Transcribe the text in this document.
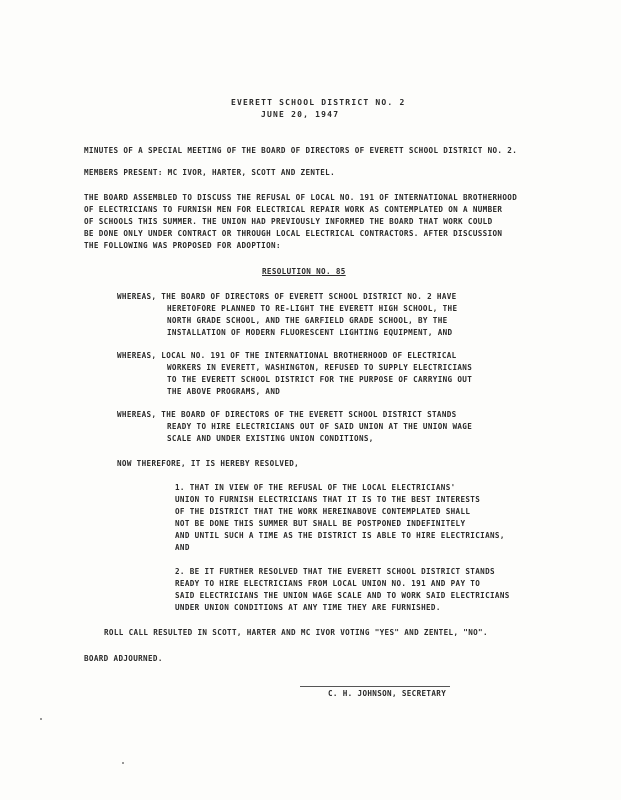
EVERETT SCHOOL DISTRICT NO. 2
JUNE 20, 1947
MINUTES OF A SPECIAL MEETING OF THE BOARD OF DIRECTORS OF EVERETT SCHOOL DISTRICT NO. 2.
MEMBERS PRESENT: MC IVOR, HARTER, SCOTT AND ZENTEL.
THE BOARD ASSEMBLED TO DISCUSS THE REFUSAL OF LOCAL NO. 191 OF INTERNATIONAL BROTHERHOOD
OF ELECTRICIANS TO FURNISH MEN FOR ELECTRICAL REPAIR WORK AS CONTEMPLATED ON A NUMBER
OF SCHOOLS THIS SUMMER. THE UNION HAD PREVIOUSLY INFORMED THE BOARD THAT WORK COULD
BE DONE ONLY UNDER CONTRACT OR THROUGH LOCAL ELECTRICAL CONTRACTORS. AFTER DISCUSSION
THE FOLLOWING WAS PROPOSED FOR ADOPTION:
RESOLUTION NO. 85
WHEREAS, THE BOARD OF DIRECTORS OF EVERETT SCHOOL DISTRICT NO. 2 HAVE
HERETOFORE PLANNED TO RE-LIGHT THE EVERETT HIGH SCHOOL, THE
NORTH GRADE SCHOOL, AND THE GARFIELD GRADE SCHOOL, BY THE
INSTALLATION OF MODERN FLUORESCENT LIGHTING EQUIPMENT, AND
WHEREAS, LOCAL NO. 191 OF THE INTERNATIONAL BROTHERHOOD OF ELECTRICAL
WORKERS IN EVERETT, WASHINGTON, REFUSED TO SUPPLY ELECTRICIANS
TO THE EVERETT SCHOOL DISTRICT FOR THE PURPOSE OF CARRYING OUT
THE ABOVE PROGRAMS, AND
WHEREAS, THE BOARD OF DIRECTORS OF THE EVERETT SCHOOL DISTRICT STANDS
READY TO HIRE ELECTRICIANS OUT OF SAID UNION AT THE UNION WAGE
SCALE AND UNDER EXISTING UNION CONDITIONS,
NOW THEREFORE, IT IS HEREBY RESOLVED,
1. THAT IN VIEW OF THE REFUSAL OF THE LOCAL ELECTRICIANS'
UNION TO FURNISH ELECTRICIANS THAT IT IS TO THE BEST INTERESTS
OF THE DISTRICT THAT THE WORK HEREINABOVE CONTEMPLATED SHALL
NOT BE DONE THIS SUMMER BUT SHALL BE POSTPONED INDEFINITELY
AND UNTIL SUCH A TIME AS THE DISTRICT IS ABLE TO HIRE ELECTRICIANS,
AND
2. BE IT FURTHER RESOLVED THAT THE EVERETT SCHOOL DISTRICT STANDS
READY TO HIRE ELECTRICIANS FROM LOCAL UNION NO. 191 AND PAY TO
SAID ELECTRICIANS THE UNION WAGE SCALE AND TO WORK SAID ELECTRICIANS
UNDER UNION CONDITIONS AT ANY TIME THEY ARE FURNISHED.
ROLL CALL RESULTED IN SCOTT, HARTER AND MC IVOR VOTING "YES" AND ZENTEL, "NO".
BOARD ADJOURNED.
C. H. JOHNSON, SECRETARY
